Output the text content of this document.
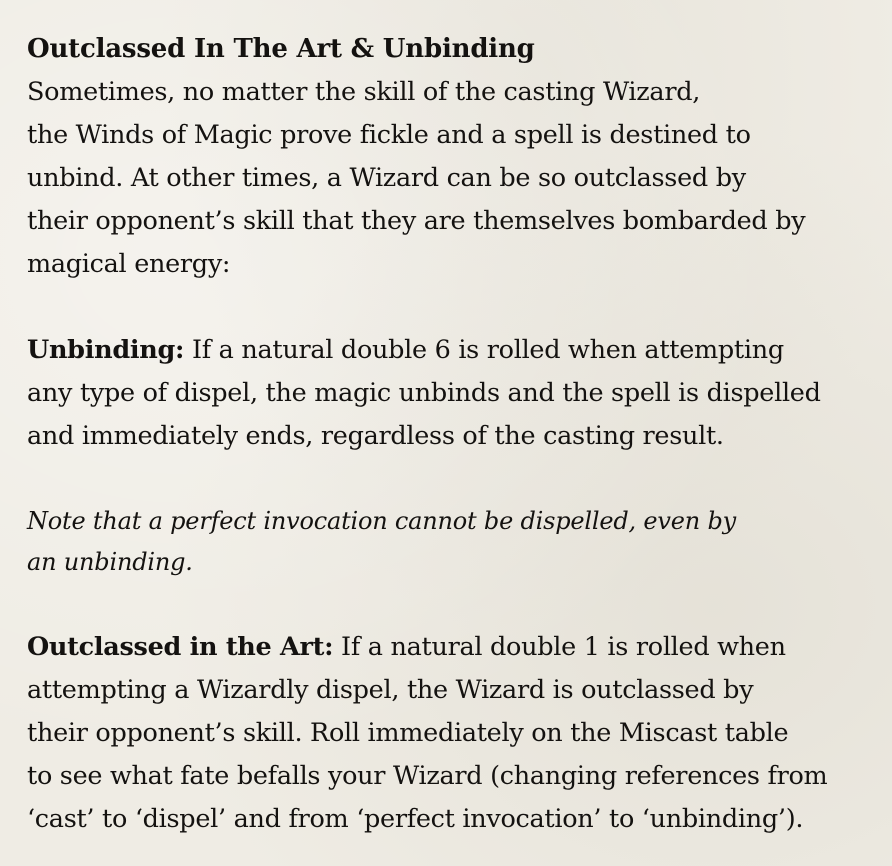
Outclassed In The Art & Unbinding

Sometimes, no matter the skill of the casting Wizard,
the Winds of Magic prove fickle and a spell is destined to
unbind. At other times, a Wizard can be so outclassed by
their opponent’s skill that they are themselves bombarded by
magical energy:

Unbinding: If a natural double 6 is rolled when attempting
any type of dispel, the magic unbinds and the spell is dispelled
and immediately ends, regardless of the casting result.

Note that a perfect invocation cannot be dispelled, even by
an unbinding.

Outclassed in the Art: If a natural double 1 is rolled when
attempting a Wizardly dispel, the Wizard is outclassed by
their opponent’s skill. Roll immediately on the Miscast table
to see what fate befalls your Wizard (changing references from
‘cast’ to ‘dispel’ and from ‘perfect invocation’ to ‘unbinding’).
